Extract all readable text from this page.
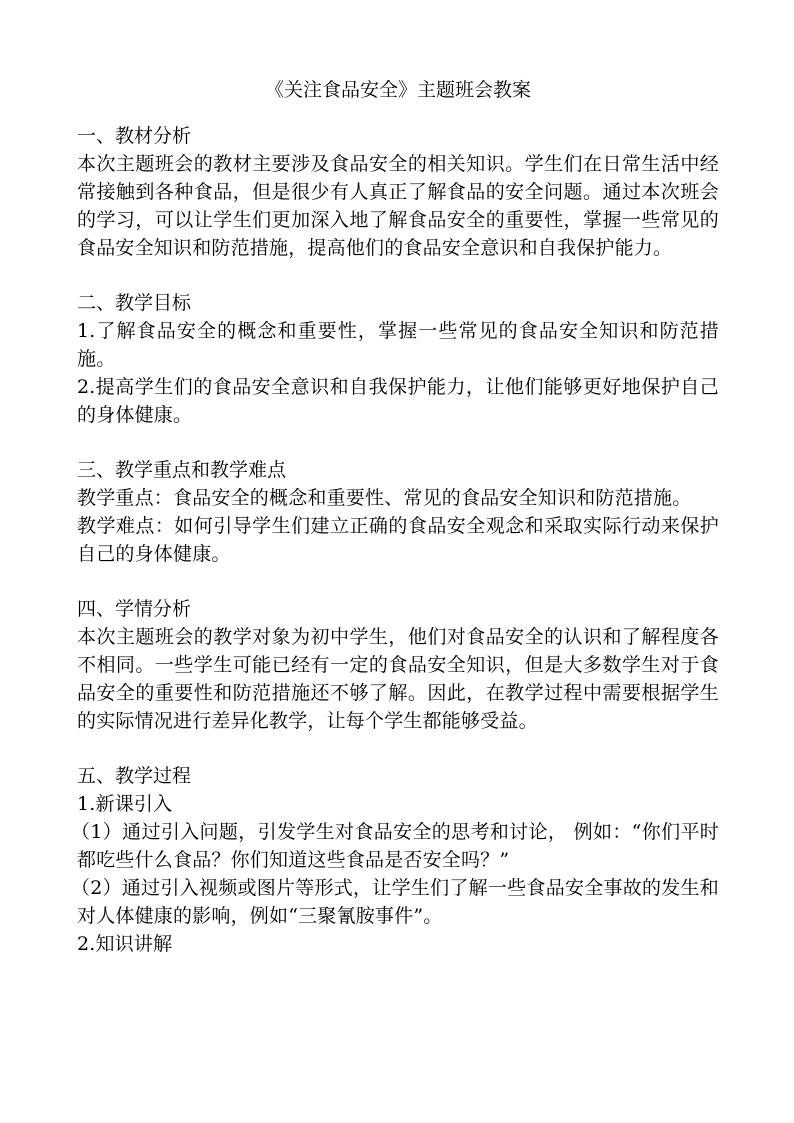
《关注食品安全》主题班会教案

一、教材分析

本次主题班会的教材主要涉及食品安全的相关知识。学生们在日常生活中经常接触到各种食品，但是很少有人真正了解食品的安全问题。通过本次班会的学习，可以让学生们更加深入地了解食品安全的重要性，掌握一些常见的食品安全知识和防范措施，提高他们的食品安全意识和自我保护能力。

二、教学目标

1.了解食品安全的概念和重要性，掌握一些常见的食品安全知识和防范措施。

2.提高学生们的食品安全意识和自我保护能力，让他们能够更好地保护自己的身体健康。

三、教学重点和教学难点

教学重点：食品安全的概念和重要性、常见的食品安全知识和防范措施。

教学难点：如何引导学生们建立正确的食品安全观念和采取实际行动来保护自己的身体健康。

四、学情分析

本次主题班会的教学对象为初中学生，他们对食品安全的认识和了解程度各不相同。一些学生可能已经有一定的食品安全知识，但是大多数学生对于食品安全的重要性和防范措施还不够了解。因此，在教学过程中需要根据学生的实际情况进行差异化教学，让每个学生都能够受益。

五、教学过程

1.新课引入

（1）通过引入问题，引发学生对食品安全的思考和讨论， 例如：“你们平时都吃些什么食品？你们知道这些食品是否安全吗？”

（2）通过引入视频或图片等形式，让学生们了解一些食品安全事故的发生和对人体健康的影响，例如“三聚氰胺事件”。

2.知识讲解
